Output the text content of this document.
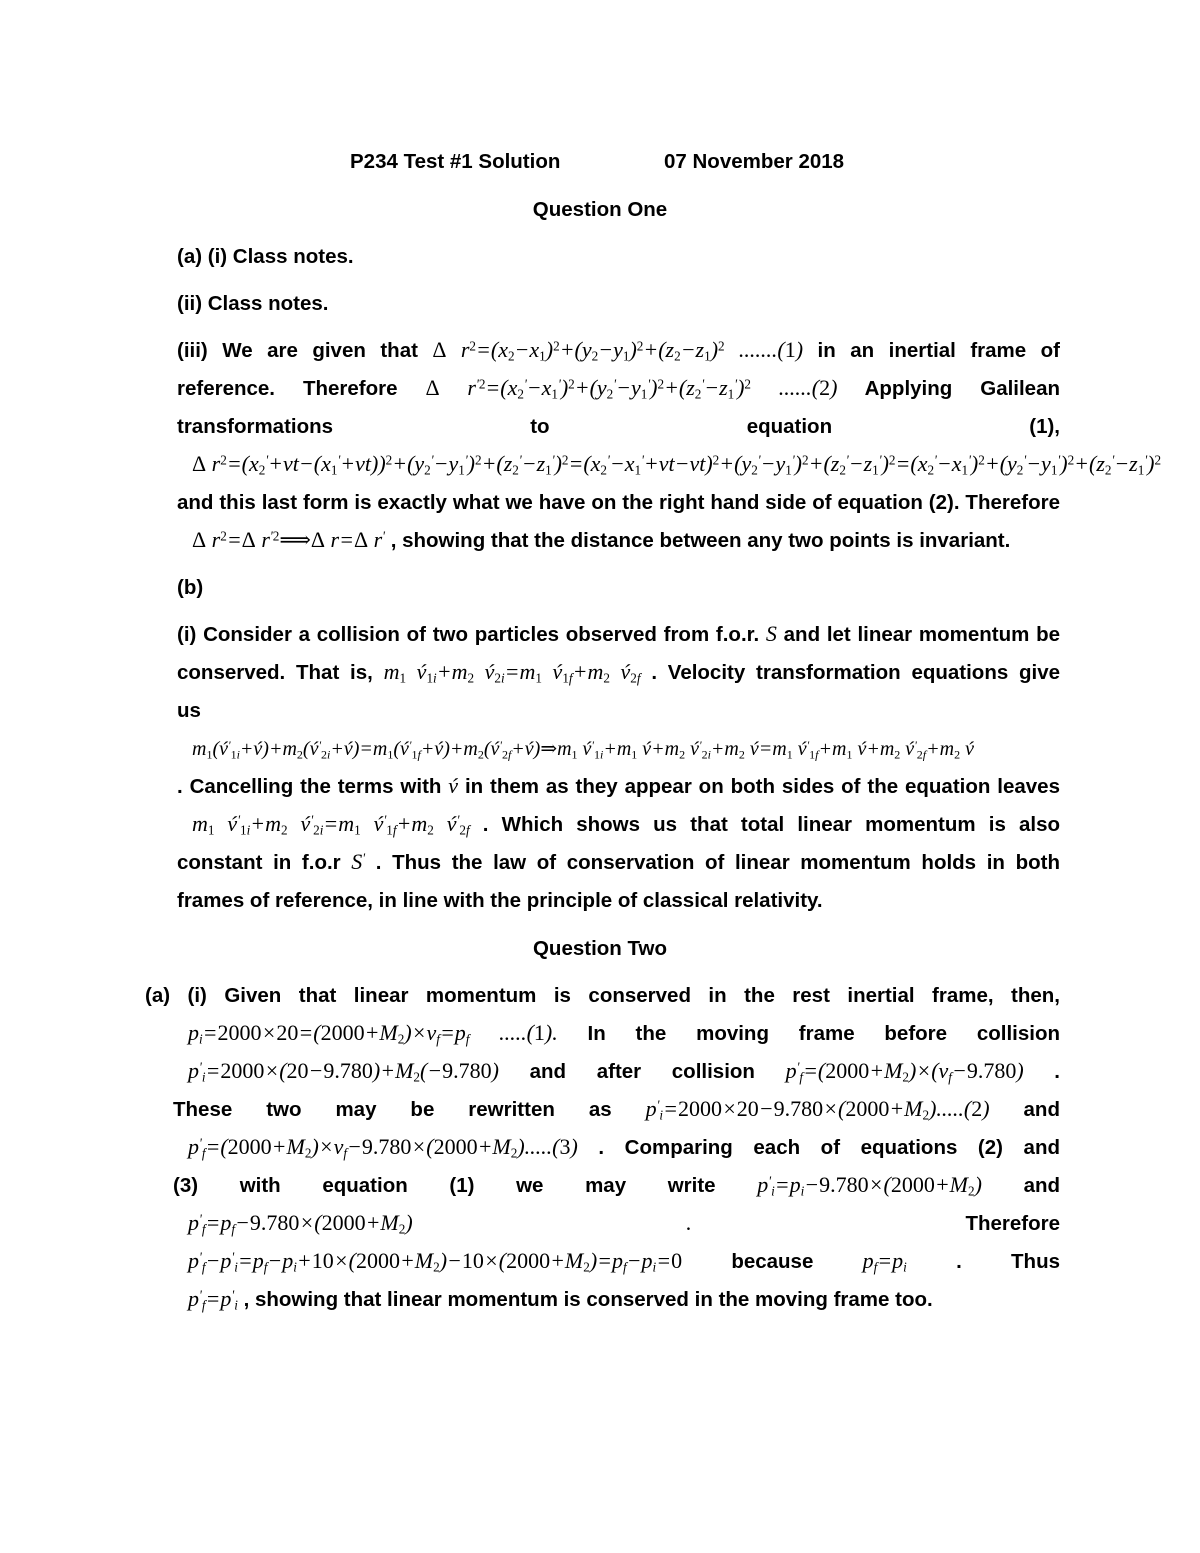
P234 Test #1 Solution	07 November 2018
Question One
(a) (i) Class notes.
(ii) Class notes.
(iii) We are given that Δ $r^2=(x_2-x_1)^2+(y_2-y_1)^2+(z_2-z_1)^2$ .......(1) in an inertial frame of
reference. Therefore Δ $r^{'2}=(x_2'-x_1')^2+(y_2'-y_1')^2+(z_2'-z_1')^2$ ......(2) Applying Galilean
transformations to equation (1),
Δ $r^2=(x_2'+vt-(x_1'+vt))^2+(y_2'-y_1')^2+(z_2'-z_1')^2=(x_2'-x_1'+vt-vt)^2+(y_2'-y_1')^2+(z_2'-z_1')^2=(x_2'-x_1')^2+(y_2'-y_1')^2+(z_2'-z_1')^2$
and this last form is exactly what we have on the right hand side of equation (2). Therefore
Δ $r^2=\Delta$ $r^{'2}⟹\Delta$ r=Δ r' , showing that the distance between any two points is invariant.
(b)
(i) Consider a collision of two particles observed from f.o.r. S and let linear momentum be
conserved. That is, $m_1$ $v́_{1i}+m_2$ $v́_{2i}=m_1$ $v́_{1f}+m_2$ $v́_{2f}$ . Velocity transformation equations give
us
$m_1(v́'_{1i}+v́)+m_2(v́'_{2i}+v́)=m_1(v́'_{1f}+v́)+m_2(v́'_{2f}+v́)\Rightarrow m_1$ $v́'_{1i}+m_1$ $v́+m_2$ $v́'_{2i}+m_2$ $v́=m_1$ $v́'_{1f}+m_1$ $v́+m_2$ $v́'_{2f}+m_2$ v́
. Cancelling the terms with v́ in them as they appear on both sides of the equation leaves
$m_1$ $v́'_{1i}+m_2$ $v́'_{2i}=m_1$ $v́'_{1f}+m_2$ $v́'_{2f}$ . Which shows us that total linear momentum is also
constant in f.o.r S' . Thus the law of conservation of linear momentum holds in both
frames of reference, in line with the principle of classical relativity.
Question Two
(a) (i) Given that linear momentum is conserved in the rest inertial frame, then,
$p_i=2000\times 20=(2000+M_2)\times v_f=p_f$ .....(1). In the moving frame before collision
$p'_i=2000\times(20-9.780)+M_2(-9.780)$ and after collision $p'_f=(2000+M_2)\times(v_f-9.780)$ .
These two may be rewritten as $p'_i=2000\times 20-9.780\times(2000+M_2).....(2)$ and
$p'_f=(2000+M_2)\times v_f-9.780\times(2000+M_2).....(3)$ . Comparing each of equations (2) and
(3) with equation (1) we may write $p'_i=p_i-9.780\times(2000+M_2)$ and
$p'_f=p_f-9.780\times(2000+M_2)$ .	Therefore
$p'_f-p'_i=p_f-p_i+10\times(2000+M_2)-10\times(2000+M_2)=p_f-p_i=0$ because $p_f=p_i$ . Thus
$p'_f=p'_i$ , showing that linear momentum is conserved in the moving frame too.
